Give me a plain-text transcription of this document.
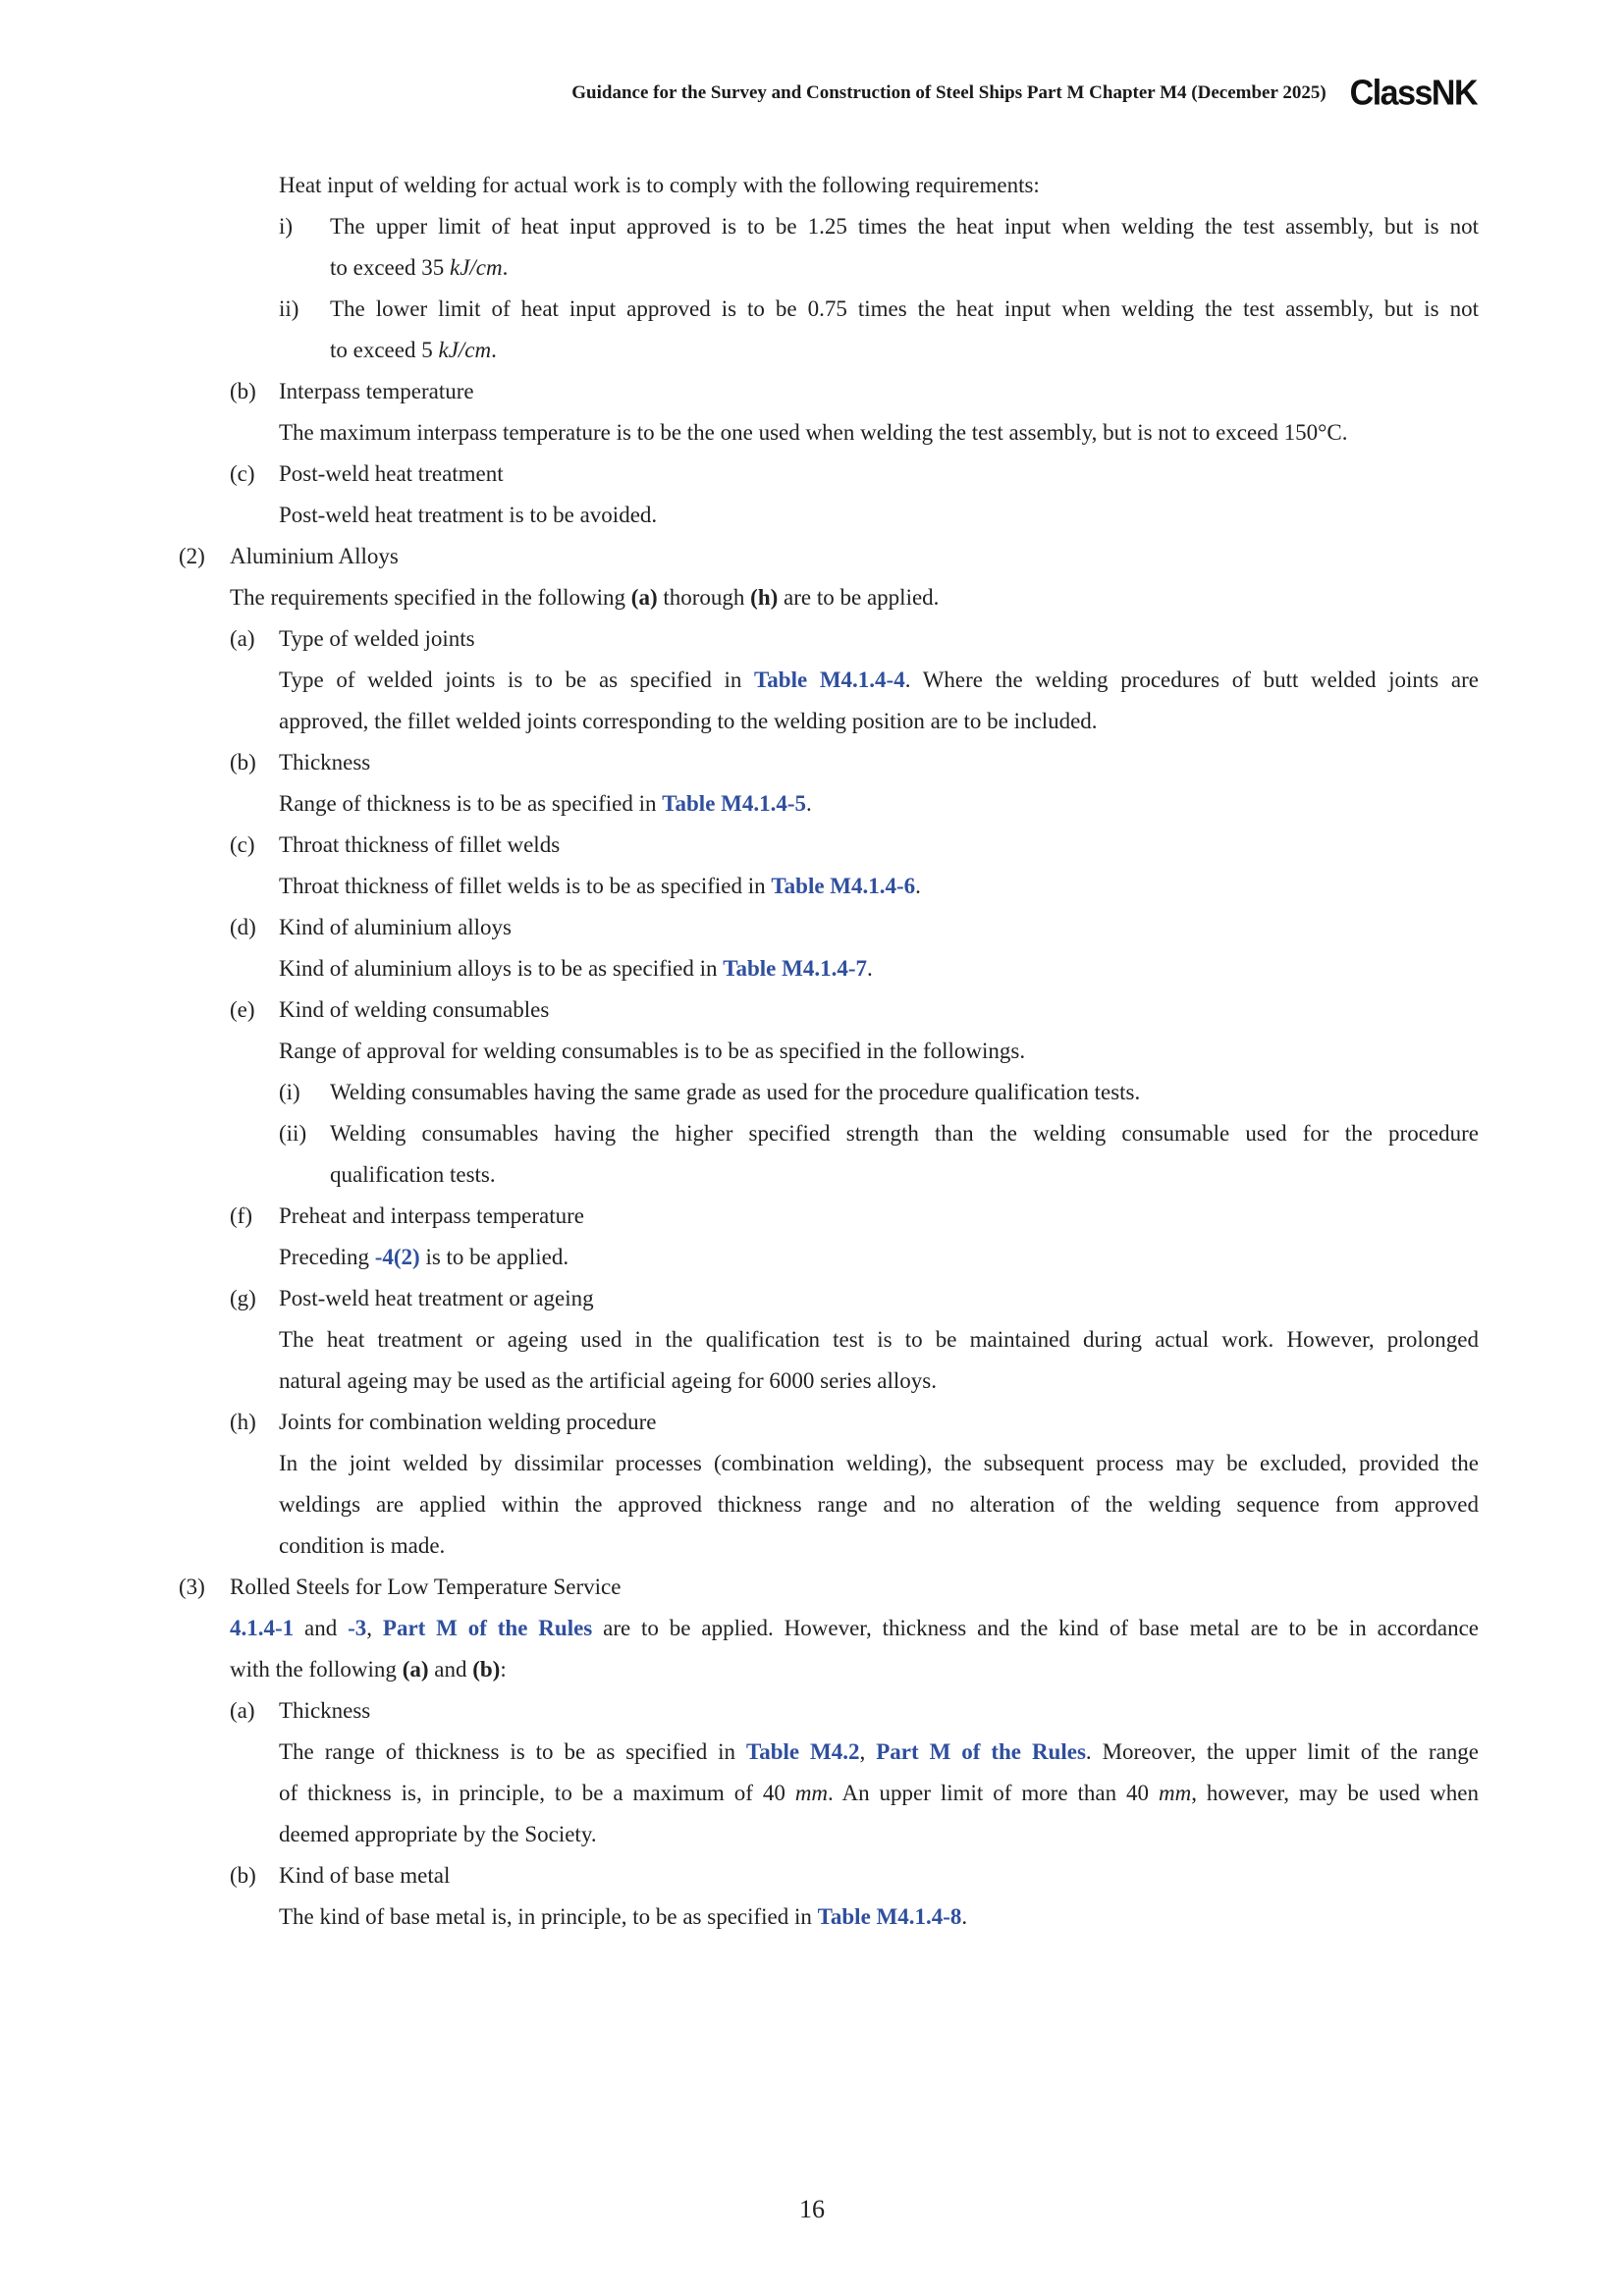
Guidance for the Survey and Construction of Steel Ships Part M Chapter M4 (December 2025) ClassNK
Heat input of welding for actual work is to comply with the following requirements:
i)	The upper limit of heat input approved is to be 1.25 times the heat input when welding the test assembly, but is not
to exceed 35 kJ/cm.
ii)	The lower limit of heat input approved is to be 0.75 times the heat input when welding the test assembly, but is not
to exceed 5 kJ/cm.
(b)	Interpass temperature
The maximum interpass temperature is to be the one used when welding the test assembly, but is not to exceed 150°C.
(c)	Post-weld heat treatment
Post-weld heat treatment is to be avoided.
(2)	Aluminium Alloys
The requirements specified in the following (a) thorough (h) are to be applied.
(a)	Type of welded joints
Type of welded joints is to be as specified in Table M4.1.4-4. Where the welding procedures of butt welded joints are
approved, the fillet welded joints corresponding to the welding position are to be included.
(b)	Thickness
Range of thickness is to be as specified in Table M4.1.4-5.
(c)	Throat thickness of fillet welds
Throat thickness of fillet welds is to be as specified in Table M4.1.4-6.
(d)	Kind of aluminium alloys
Kind of aluminium alloys is to be as specified in Table M4.1.4-7.
(e)	Kind of welding consumables
Range of approval for welding consumables is to be as specified in the followings.
(i)	Welding consumables having the same grade as used for the procedure qualification tests.
(ii)	Welding consumables having the higher specified strength than the welding consumable used for the procedure
qualification tests.
(f)	Preheat and interpass temperature
Preceding -4(2) is to be applied.
(g)	Post-weld heat treatment or ageing
The heat treatment or ageing used in the qualification test is to be maintained during actual work. However, prolonged
natural ageing may be used as the artificial ageing for 6000 series alloys.
(h)	Joints for combination welding procedure
In the joint welded by dissimilar processes (combination welding), the subsequent process may be excluded, provided the
weldings are applied within the approved thickness range and no alteration of the welding sequence from approved
condition is made.
(3)	Rolled Steels for Low Temperature Service
4.1.4-1 and -3, Part M of the Rules are to be applied. However, thickness and the kind of base metal are to be in accordance
with the following (a) and (b):
(a)	Thickness
The range of thickness is to be as specified in Table M4.2, Part M of the Rules. Moreover, the upper limit of the range
of thickness is, in principle, to be a maximum of 40 mm. An upper limit of more than 40 mm, however, may be used when
deemed appropriate by the Society.
(b)	Kind of base metal
The kind of base metal is, in principle, to be as specified in Table M4.1.4-8.
16
